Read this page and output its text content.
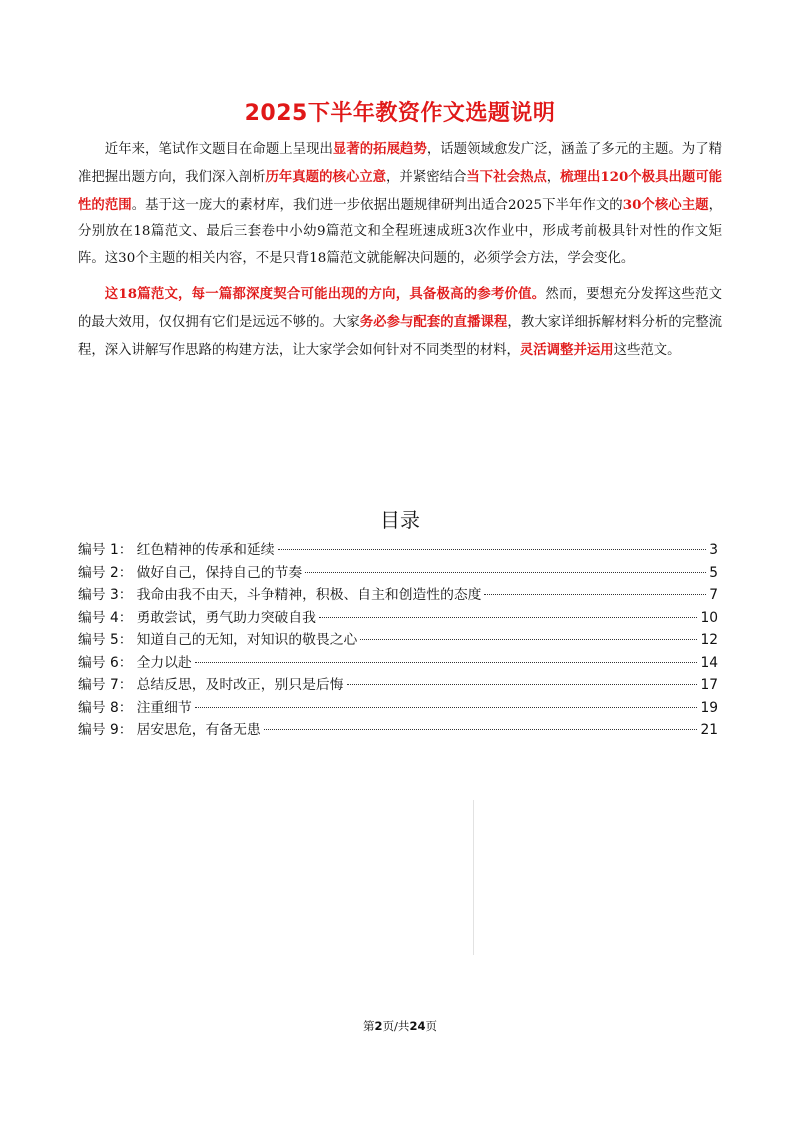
2025下半年教资作文选题说明

近年来，笔试作文题目在命题上呈现出显著的拓展趋势，话题领域愈发广泛，涵盖了多元的主题。为了精准把握出题方向，我们深入剖析历年真题的核心立意，并紧密结合当下社会热点，梳理出120个极具出题可能性的范围。基于这一庞大的素材库，我们进一步依据出题规律研判出适合2025下半年作文的30个核心主题，分别放在18篇范文、最后三套卷中小幼9篇范文和全程班速成班3次作业中，形成考前极具针对性的作文矩阵。这30个主题的相关内容，不是只背18篇范文就能解决问题的，必须学会方法，学会变化。

这18篇范文，每一篇都深度契合可能出现的方向，具备极高的参考价值。然而，要想充分发挥这些范文的最大效用，仅仅拥有它们是远远不够的。大家务必参与配套的直播课程，教大家详细拆解材料分析的完整流程，深入讲解写作思路的构建方法，让大家学会如何针对不同类型的材料，灵活调整并运用这些范文。

目录
编号 1： 红色精神的传承和延续	3
编号 2： 做好自己，保持自己的节奏	5
编号 3： 我命由我不由天，斗争精神，积极、自主和创造性的态度	7
编号 4： 勇敢尝试，勇气助力突破自我	10
编号 5： 知道自己的无知，对知识的敬畏之心	12
编号 6： 全力以赴	14
编号 7： 总结反思，及时改正，别只是后悔	17
编号 8： 注重细节	19
编号 9： 居安思危，有备无患	21
第2页/共24页
